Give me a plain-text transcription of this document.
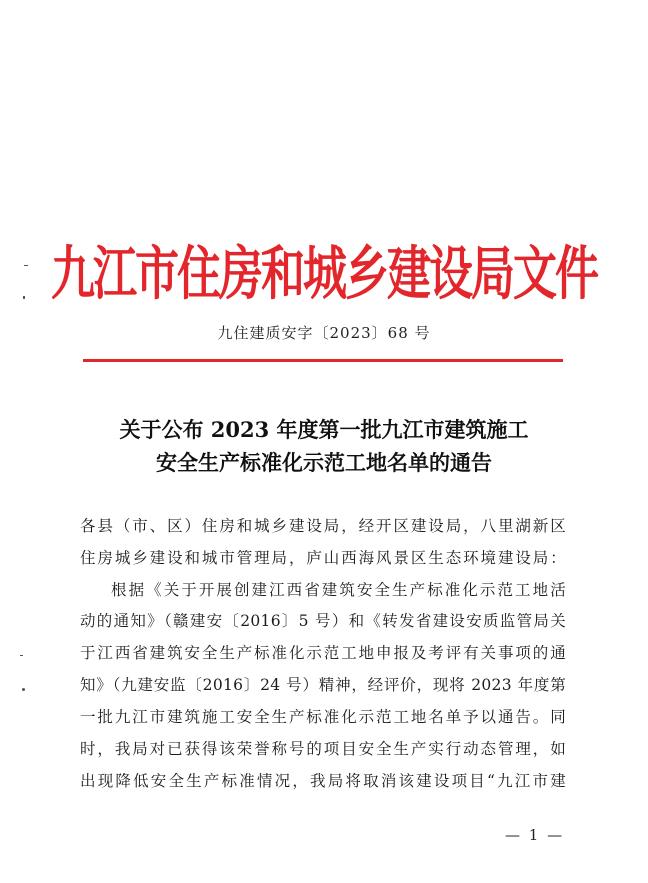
九江市住房和城乡建设局文件
九住建质安字〔2023〕68 号
关于公布 2023 年度第一批九江市建筑施工
安全生产标准化示范工地名单的通告
各县（市、区）住房和城乡建设局，经开区建设局，八里湖新区
住房城乡建设和城市管理局，庐山西海风景区生态环境建设局：
根据《关于开展创建江西省建筑安全生产标准化示范工地活
动的通知》（赣建安〔2016〕5 号）和《转发省建设安质监管局关
于江西省建筑安全生产标准化示范工地申报及考评有关事项的通
知》（九建安监〔2016〕24 号）精神，经评价，现将 2023 年度第
一批九江市建筑施工安全生产标准化示范工地名单予以通告。同
时，我局对已获得该荣誉称号的项目安全生产实行动态管理，如
出现降低安全生产标准情况，我局将取消该建设项目“九江市建
— 1 —
